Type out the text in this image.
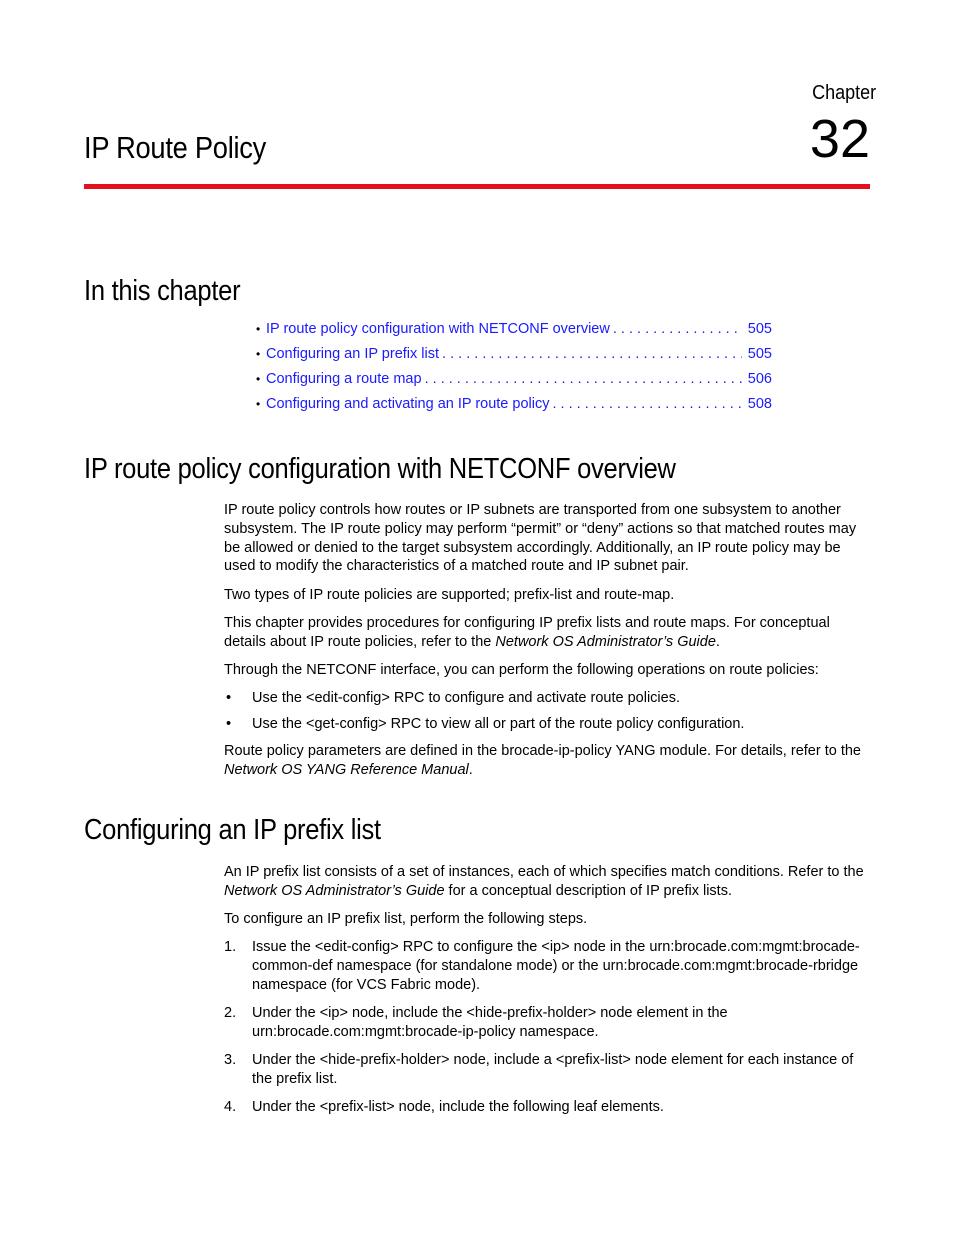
Chapter
32
IP Route Policy
In this chapter
• IP route policy configuration with NETCONF overview . . .	505
• Configuring an IP prefix list . . .	505
• Configuring a route map . . .	506
• Configuring and activating an IP route policy . . .	508
IP route policy configuration with NETCONF overview

IP route policy controls how routes or IP subnets are transported from one subsystem to another subsystem. The IP route policy may perform “permit” or “deny” actions so that matched routes may be allowed or denied to the target subsystem accordingly. Additionally, an IP route policy may be used to modify the characteristics of a matched route and IP subnet pair.

Two types of IP route policies are supported; prefix-list and route-map.

This chapter provides procedures for configuring IP prefix lists and route maps. For conceptual details about IP route policies, refer to the Network OS Administrator’s Guide.

Through the NETCONF interface, you can perform the following operations on route policies:

• Use the <edit-config> RPC to configure and activate route policies.
• Use the <get-config> RPC to view all or part of the route policy configuration.

Route policy parameters are defined in the brocade-ip-policy YANG module. For details, refer to the Network OS YANG Reference Manual.

Configuring an IP prefix list

An IP prefix list consists of a set of instances, each of which specifies match conditions. Refer to the Network OS Administrator’s Guide for a conceptual description of IP prefix lists.

To configure an IP prefix list, perform the following steps.

1. Issue the <edit-config> RPC to configure the <ip> node in the urn:brocade.com:mgmt:brocade-common-def namespace (for standalone mode) or the urn:brocade.com:mgmt:brocade-rbridge namespace (for VCS Fabric mode).
2. Under the <ip> node, include the <hide-prefix-holder> node element in the urn:brocade.com:mgmt:brocade-ip-policy namespace.
3. Under the <hide-prefix-holder> node, include a <prefix-list> node element for each instance of the prefix list.
4. Under the <prefix-list> node, include the following leaf elements.
